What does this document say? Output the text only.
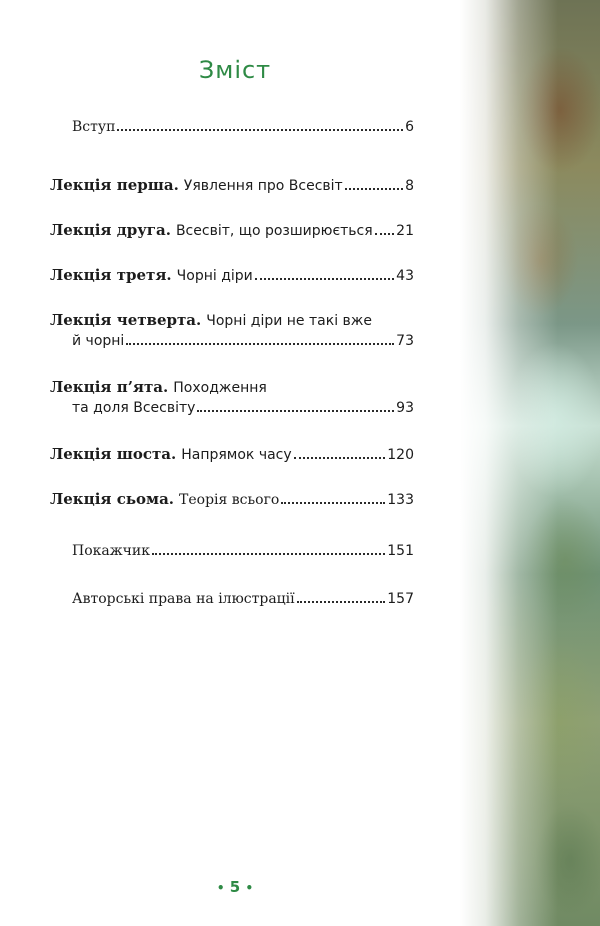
Зміст
Вступ	6
Лекція перша. Уявлення про Всесвіт	8
Лекція друга. Всесвіт, що розширюється 21
Лекція третя. Чорні діри	43
Лекція четверта. Чорні діри не такі вже
й чорні	73
Лекція п’ята. Походження
та доля Всесвіту	93
Лекція шоста. Напрямок часу	120
Лекція сьома. Теорія всього	133
Покажчик	151
Авторські права на ілюстрації	157
• 5 •
